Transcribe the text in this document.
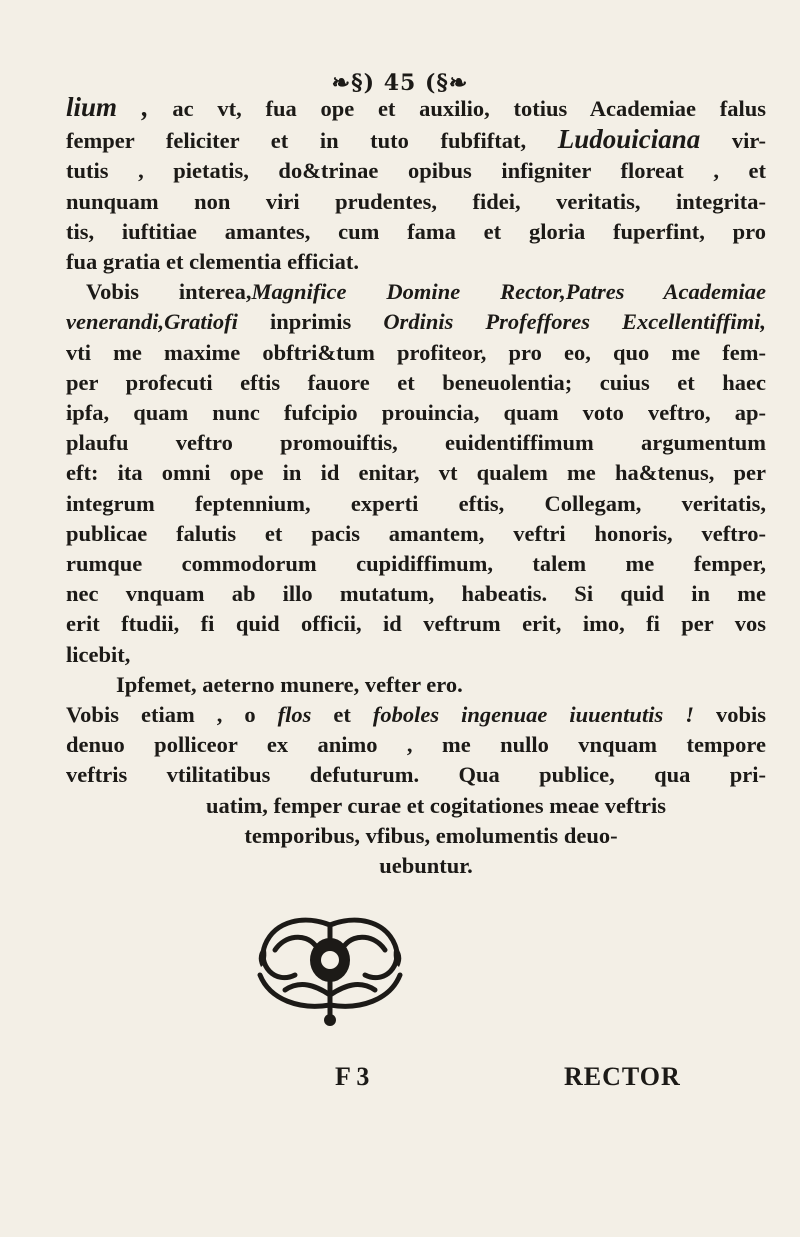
❧§) 45 (§❧
lium , ac vt, fua ope et auxilio, totius Academiae falus
femper feliciter et in tuto fubfiftat, Ludouiciana vir-
tutis , pietatis, do&trinae opibus infigniter floreat , et
nunquam non viri prudentes, fidei, veritatis, integrita-
tis, iuftitiae amantes, cum fama et gloria fuperfint, pro
fua gratia et clementia efficiat.
Vobis interea,Magnifice Domine Rector,Patres Academiae
venerandi,Gratiofi inprimis Ordinis Profeffores Excellentiffimi,
vti me maxime obftri&tum profiteor, pro eo, quo me fem-
per profecuti eftis fauore et beneuolentia; cuius et haec
ipfa, quam nunc fufcipio prouincia, quam voto veftro, ap-
plaufu veftro promouiftis, euidentiffimum argumentum
eft: ita omni ope in id enitar, vt qualem me ha&tenus, per
integrum feptennium, experti eftis, Collegam, veritatis,
publicae falutis et pacis amantem, veftri honoris, veftro-
rumque commodorum cupidiffimum, talem me femper,
nec vnquam ab illo mutatum, habeatis. Si quid in me
erit ftudii, fi quid officii, id veftrum erit, imo, fi per vos
licebit,
Ipfemet, aeterno munere, vefter ero.
Vobis etiam , o flos et foboles ingenuae iuuentutis ! vobis
denuo polliceor ex animo , me nullo vnquam tempore
veftris vtilitatibus defuturum. Qua publice, qua pri-
uatim, femper curae et cogitationes meae veftris
temporibus, vfibus, emolumentis deuo-
uebuntur.
F 3	RECTOR
